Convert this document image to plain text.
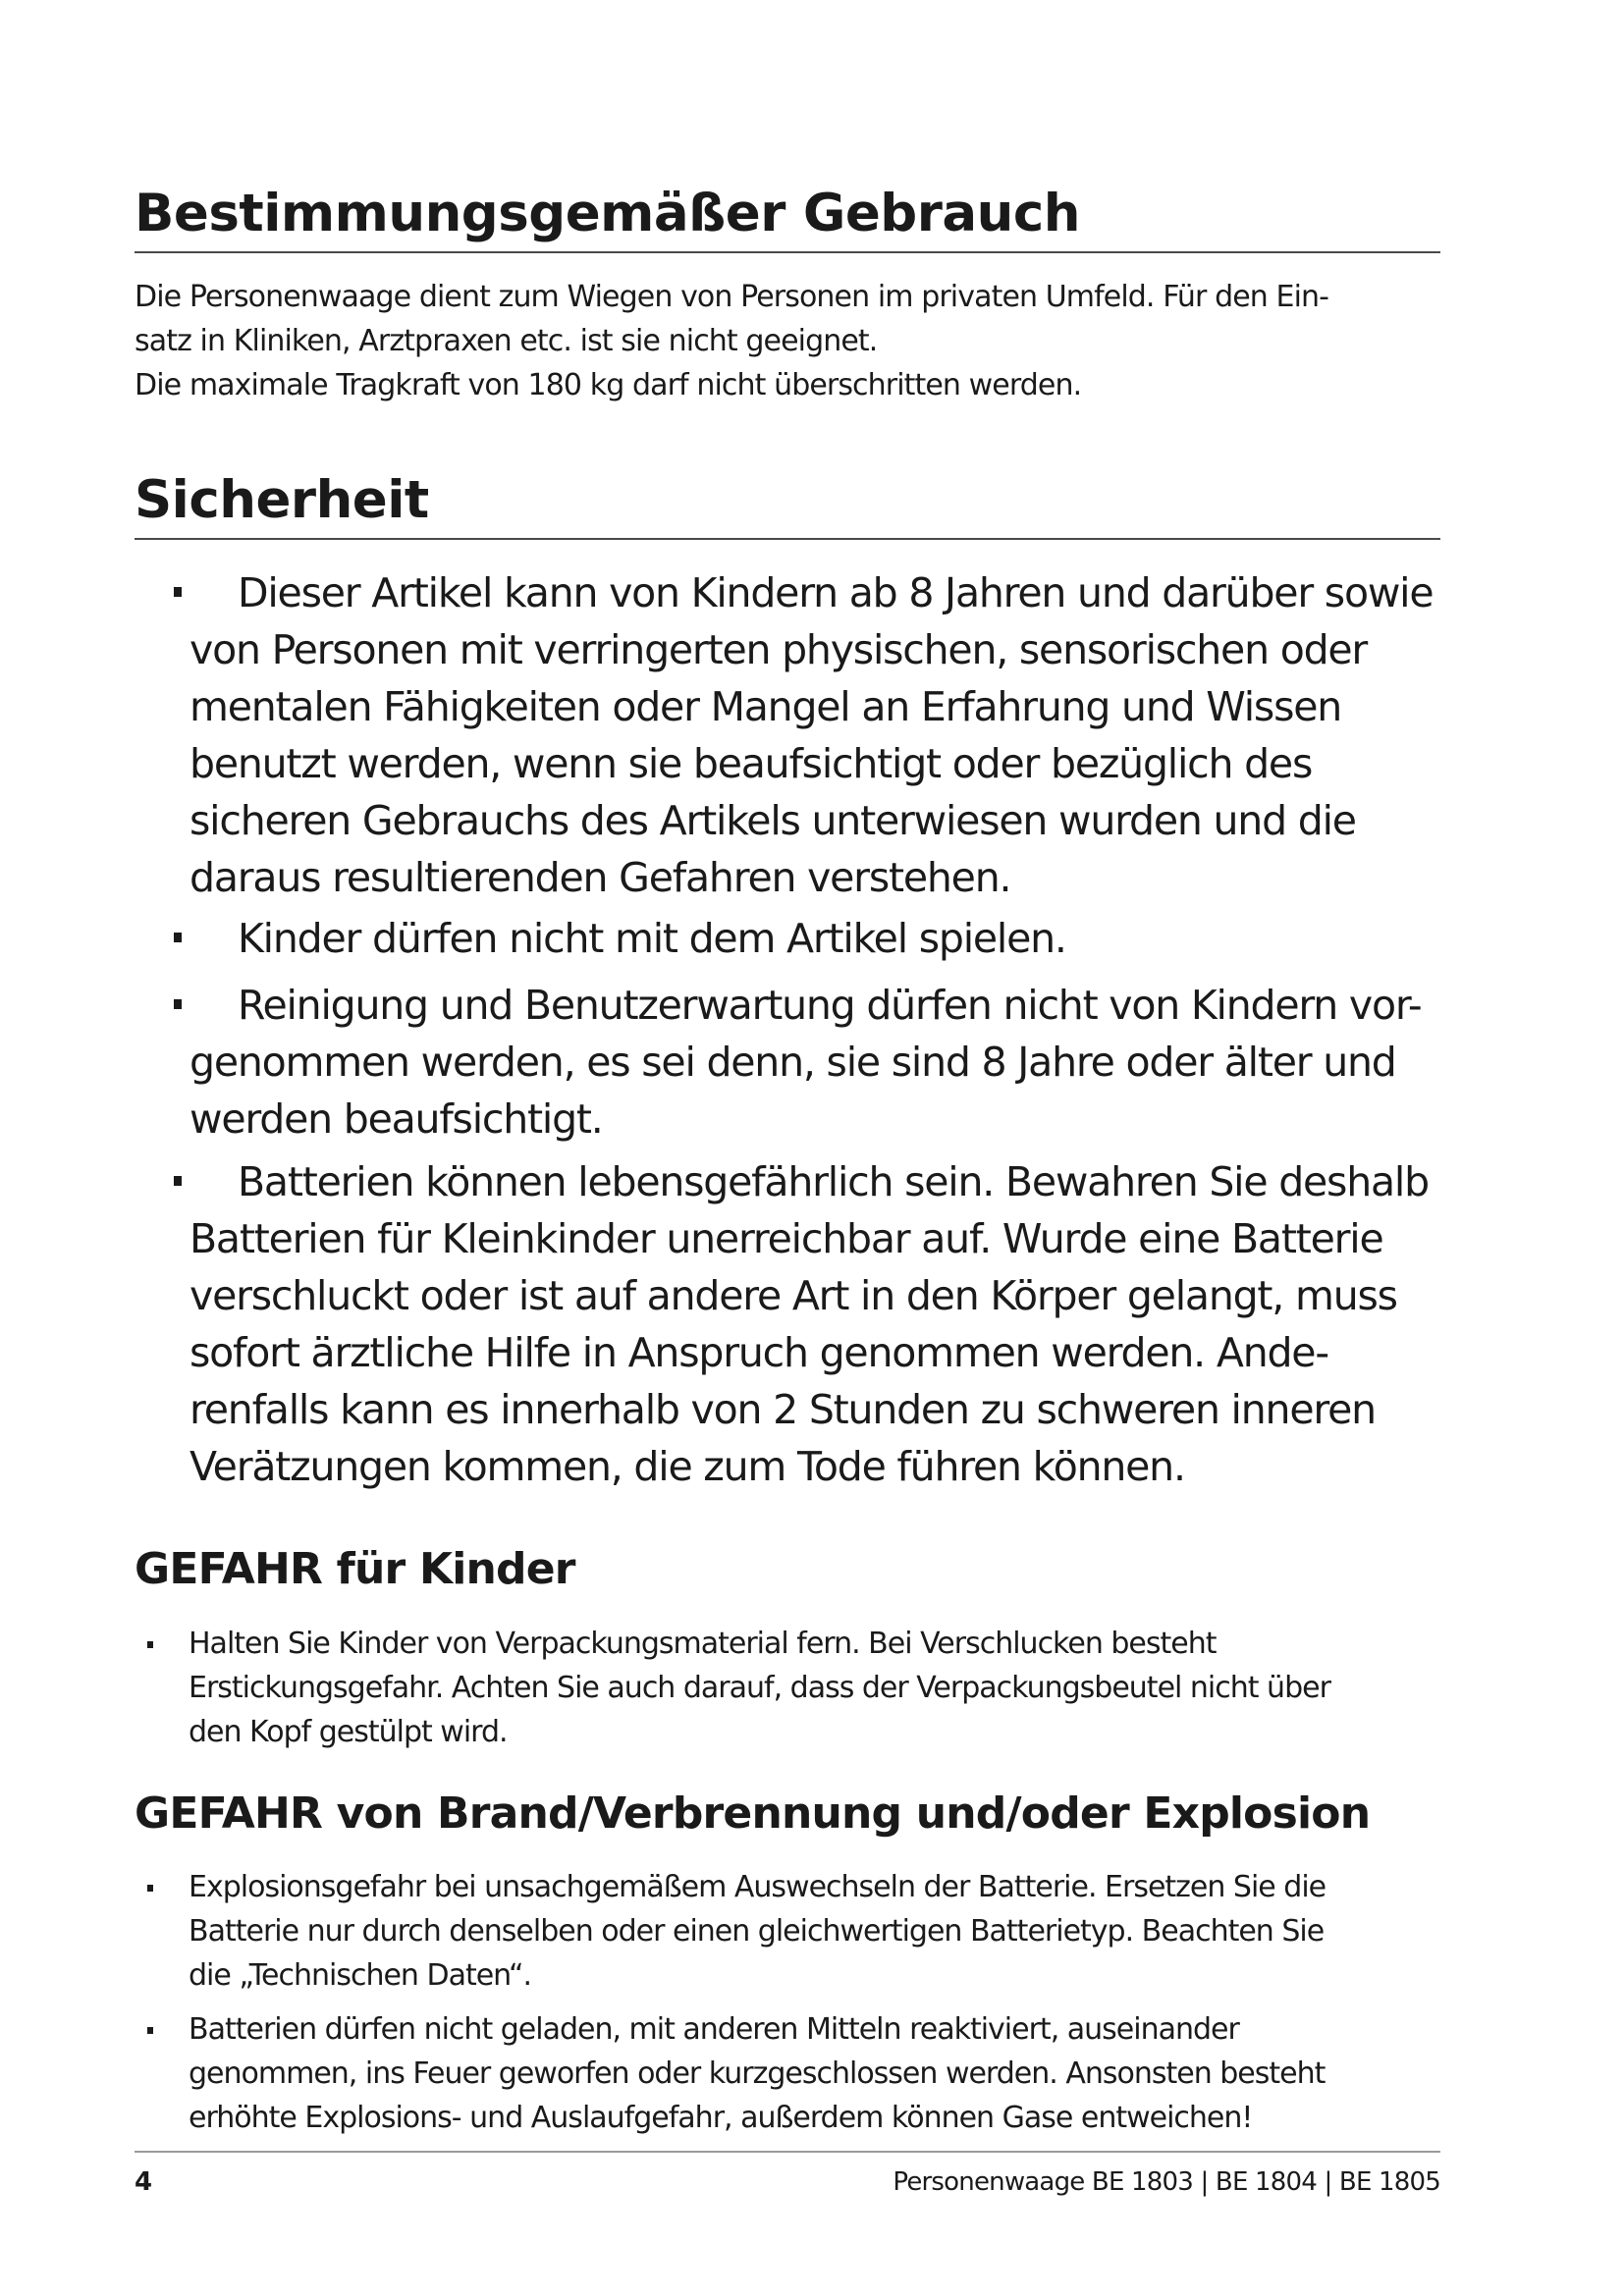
Bestimmungsgemäßer Gebrauch
Die Personenwaage dient zum Wiegen von Personen im privaten Umfeld. Für den Ein-
satz in Kliniken, Arztpraxen etc. ist sie nicht geeignet.
Die maximale Tragkraft von 180 kg darf nicht überschritten werden.
Sicherheit
Dieser Artikel kann von Kindern ab 8 Jahren und darüber sowie
von Personen mit verringerten physischen, sensorischen oder
mentalen Fähigkeiten oder Mangel an Erfahrung und Wissen
benutzt werden, wenn sie beaufsichtigt oder bezüglich des
sicheren Gebrauchs des Artikels unterwiesen wurden und die
daraus resultierenden Gefahren verstehen.
Kinder dürfen nicht mit dem Artikel spielen.
Reinigung und Benutzerwartung dürfen nicht von Kindern vor-
genommen werden, es sei denn, sie sind 8 Jahre oder älter und
werden beaufsichtigt.
Batterien können lebensgefährlich sein. Bewahren Sie deshalb
Batterien für Kleinkinder unerreichbar auf. Wurde eine Batterie
verschluckt oder ist auf andere Art in den Körper gelangt, muss
sofort ärztliche Hilfe in Anspruch genommen werden. Ande-
renfalls kann es innerhalb von 2 Stunden zu schweren inneren
Verätzungen kommen, die zum Tode führen können.
GEFAHR für Kinder
Halten Sie Kinder von Verpackungsmaterial fern. Bei Verschlucken besteht
Erstickungsgefahr. Achten Sie auch darauf, dass der Verpackungsbeutel nicht über
den Kopf gestülpt wird.
GEFAHR von Brand/Verbrennung und/oder Explosion
Explosionsgefahr bei unsachgemäßem Auswechseln der Batterie. Ersetzen Sie die
Batterie nur durch denselben oder einen gleichwertigen Batterietyp. Beachten Sie
die „Technischen Daten“.
Batterien dürfen nicht geladen, mit anderen Mitteln reaktiviert, auseinander
genommen, ins Feuer geworfen oder kurzgeschlossen werden. Ansonsten besteht
erhöhte Explosions- und Auslaufgefahr, außerdem können Gase entweichen!
4	Personenwaage BE 1803 | BE 1804 | BE 1805
